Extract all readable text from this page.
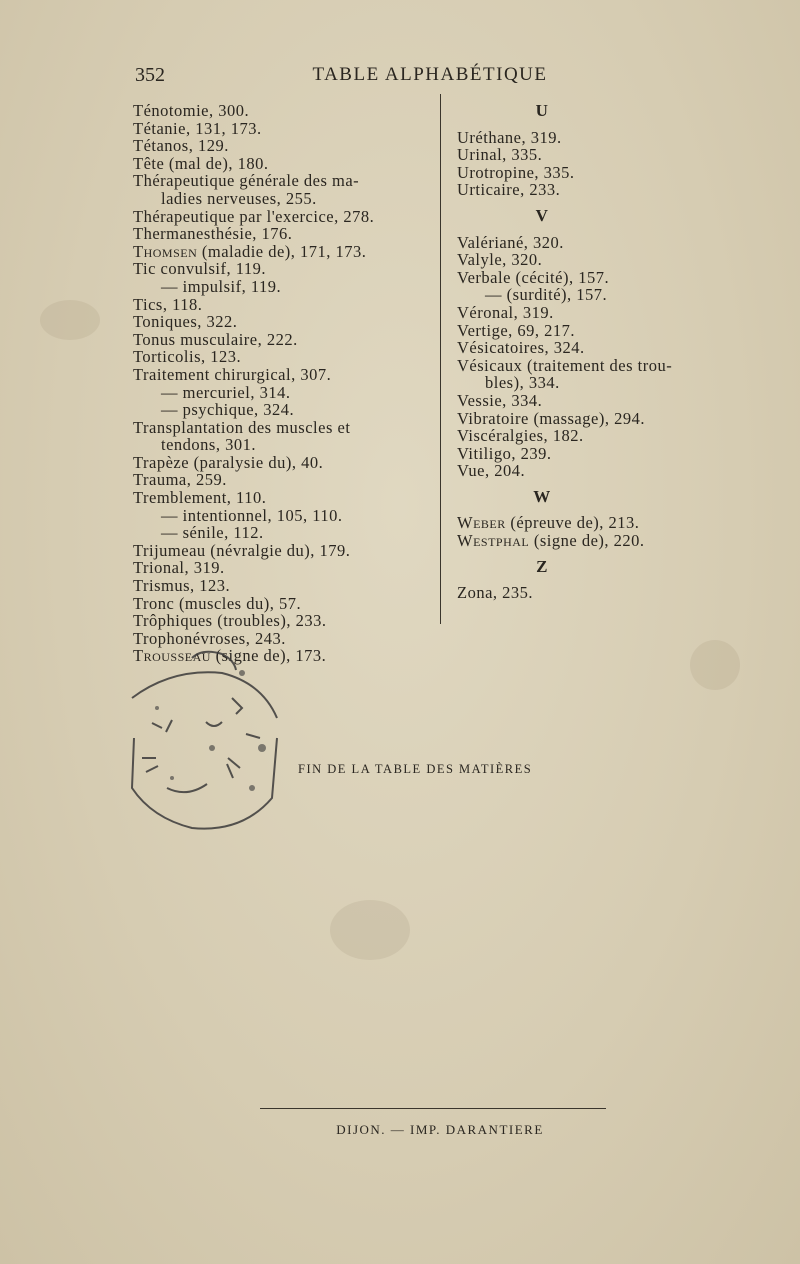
352	TABLE ALPHABÉTIQUE
Ténotomie, 300.
Tétanie, 131, 173.
Tétanos, 129.
Tête (mal de), 180.
Thérapeutique générale des ma-
ladies nerveuses, 255.
Thérapeutique par l'exercice, 278.
Thermanesthésie, 176.
Thomsen (maladie de), 171, 173.
Tic convulsif, 119.
— impulsif, 119.
Tics, 118.
Toniques, 322.
Tonus musculaire, 222.
Torticolis, 123.
Traitement chirurgical, 307.
— mercuriel, 314.
— psychique, 324.
Transplantation des muscles et
tendons, 301.
Trapèze (paralysie du), 40.
Trauma, 259.
Tremblement, 110.
— intentionnel, 105, 110.
— sénile, 112.
Trijumeau (névralgie du), 179.
Trional, 319.
Trismus, 123.
Tronc (muscles du), 57.
Trôphiques (troubles), 233.
Trophonévroses, 243.
Trousseau (signe de), 173.
U
Uréthane, 319.
Urinal, 335.
Urotropine, 335.
Urticaire, 233.
V
Valériané, 320.
Valyle, 320.
Verbale (cécité), 157.
— (surdité), 157.
Véronal, 319.
Vertige, 69, 217.
Vésicatoires, 324.
Vésicaux (traitement des trou-
bles), 334.
Vessie, 334.
Vibratoire (massage), 294.
Viscéralgies, 182.
Vitiligo, 239.
Vue, 204.
W
Weber (épreuve de), 213.
Westphal (signe de), 220.
Z
Zona, 235.
FIN DE LA TABLE DES MATIÈRES
DIJON. — IMP. DARANTIERE
